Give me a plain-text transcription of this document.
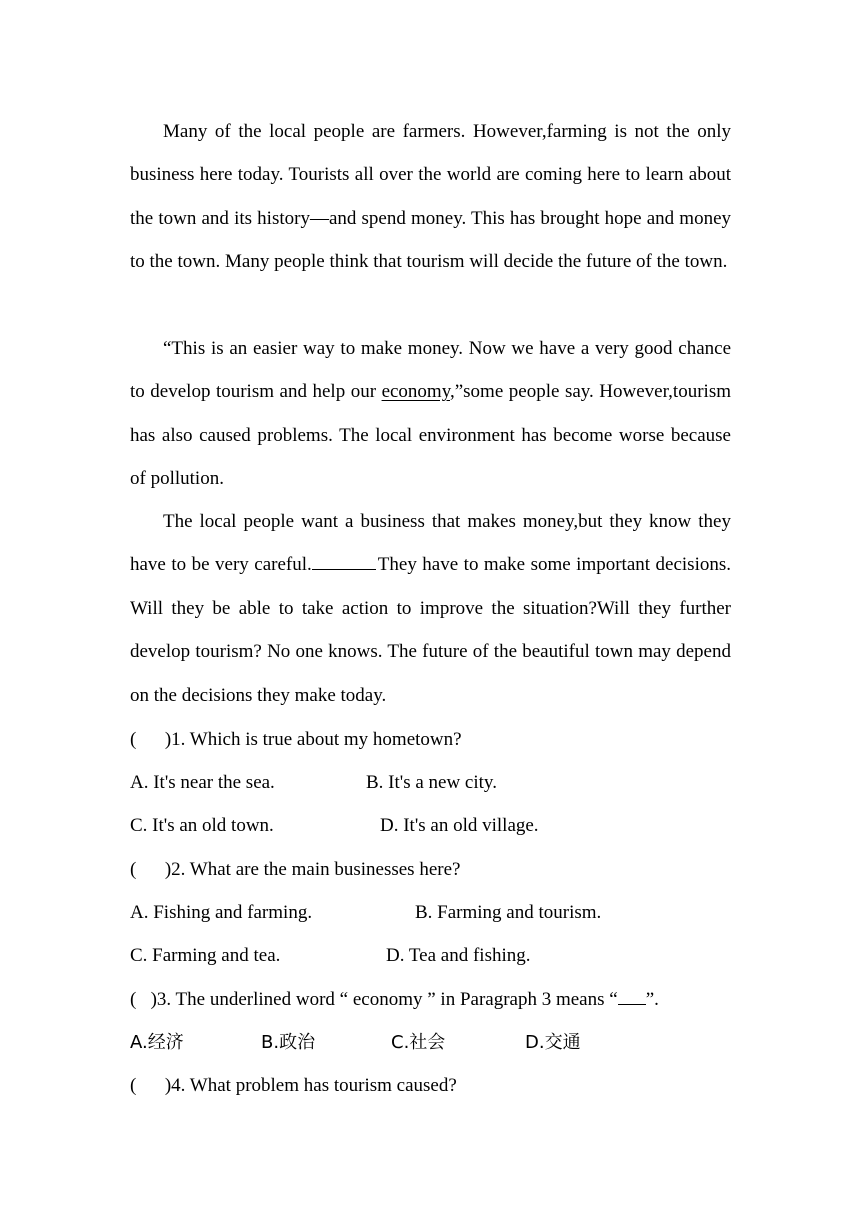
Many of the local people are farmers. However,farming is not the only business here today. Tourists all over the world are coming here to learn about the town and its history—and spend money. This has brought hope and money to the town. Many people think that tourism will decide the future of the town.

“This is an easier way to make money. Now we have a very good chance to develop tourism and help our economy,”some people say. However,tourism has also caused problems. The local environment has become worse because of pollution.

The local people want a business that makes money,but they know they have to be very careful.	They have to make some important decisions. Will they be able to take action to improve the situation?Will they further develop tourism? No one knows. The future of the beautiful town may depend on the decisions they make today.

(      )1. Which is true about my hometown?
A. It's near the sea.	B. It's a new city.
C. It's an old town.	D. It's an old village.
(      )2. What are the main businesses here?
A. Fishing and farming.	B. Farming and tourism.
C. Farming and tea.	D. Tea and fishing.
(   )3. The underlined word “ economy ” in Paragraph 3 means “ ”.
A.经济	B.政治	C.社会	D.交通
(      )4. What problem has tourism caused?
